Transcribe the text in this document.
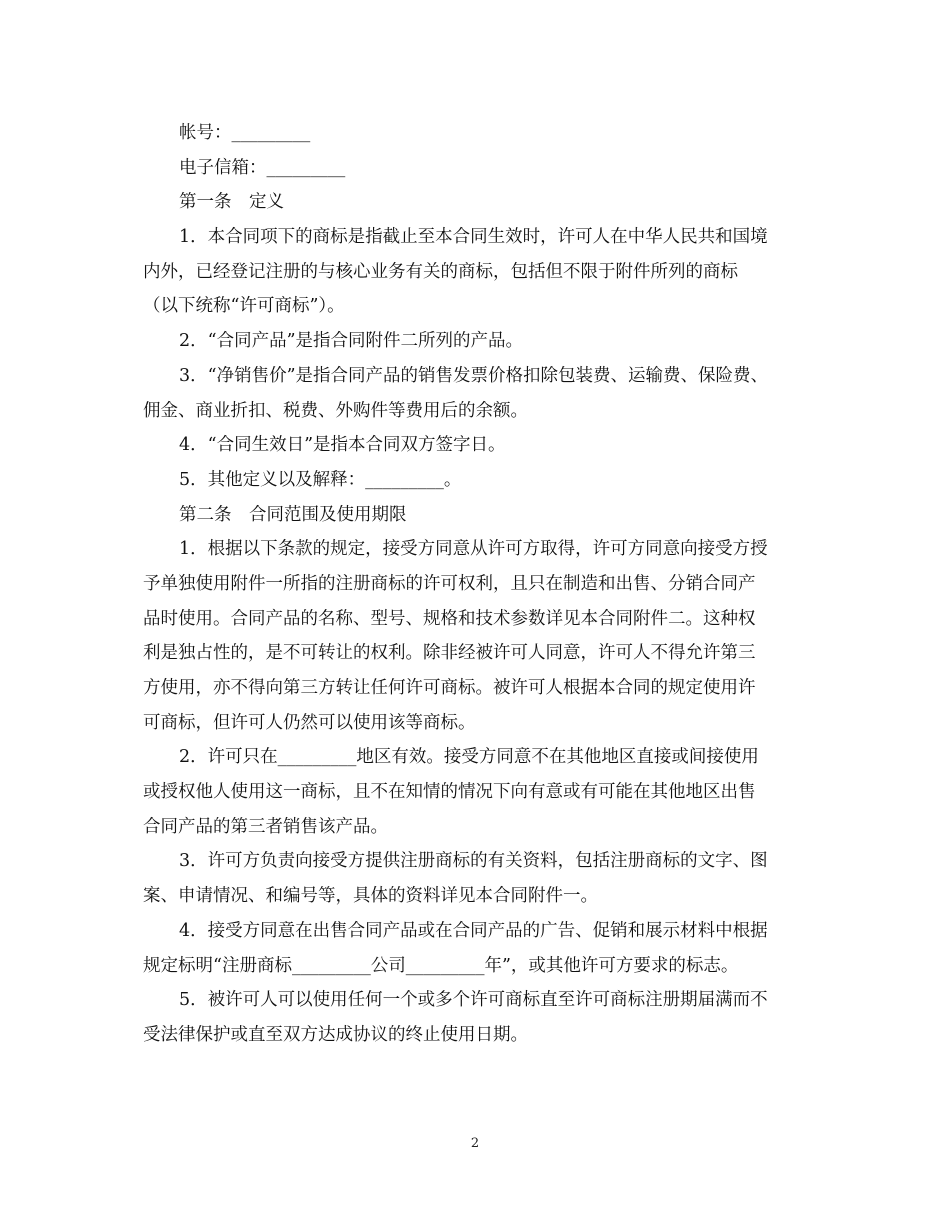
帐号：_________
电子信箱：_________
第一条　定义
1．本合同项下的商标是指截止至本合同生效时，许可人在中华人民共和国境
内外，已经登记注册的与核心业务有关的商标，包括但不限于附件所列的商标
（以下统称“许可商标”）。
2．“合同产品”是指合同附件二所列的产品。
3．“净销售价”是指合同产品的销售发票价格扣除包装费、运输费、保险费、
佣金、商业折扣、税费、外购件等费用后的余额。
4．“合同生效日”是指本合同双方签字日。
5．其他定义以及解释：_________。
第二条　合同范围及使用期限
1．根据以下条款的规定，接受方同意从许可方取得，许可方同意向接受方授
予单独使用附件一所指的注册商标的许可权利，且只在制造和出售、分销合同产
品时使用。合同产品的名称、型号、规格和技术参数详见本合同附件二。这种权
利是独占性的，是不可转让的权利。除非经被许可人同意，许可人不得允许第三
方使用，亦不得向第三方转让任何许可商标。被许可人根据本合同的规定使用许
可商标，但许可人仍然可以使用该等商标。
2．许可只在_________地区有效。接受方同意不在其他地区直接或间接使用
或授权他人使用这一商标，且不在知情的情况下向有意或有可能在其他地区出售
合同产品的第三者销售该产品。
3．许可方负责向接受方提供注册商标的有关资料，包括注册商标的文字、图
案、申请情况、和编号等，具体的资料详见本合同附件一。
4．接受方同意在出售合同产品或在合同产品的广告、促销和展示材料中根据
规定标明“注册商标_________公司_________年”，或其他许可方要求的标志。
5．被许可人可以使用任何一个或多个许可商标直至许可商标注册期届满而不
受法律保护或直至双方达成协议的终止使用日期。
2
